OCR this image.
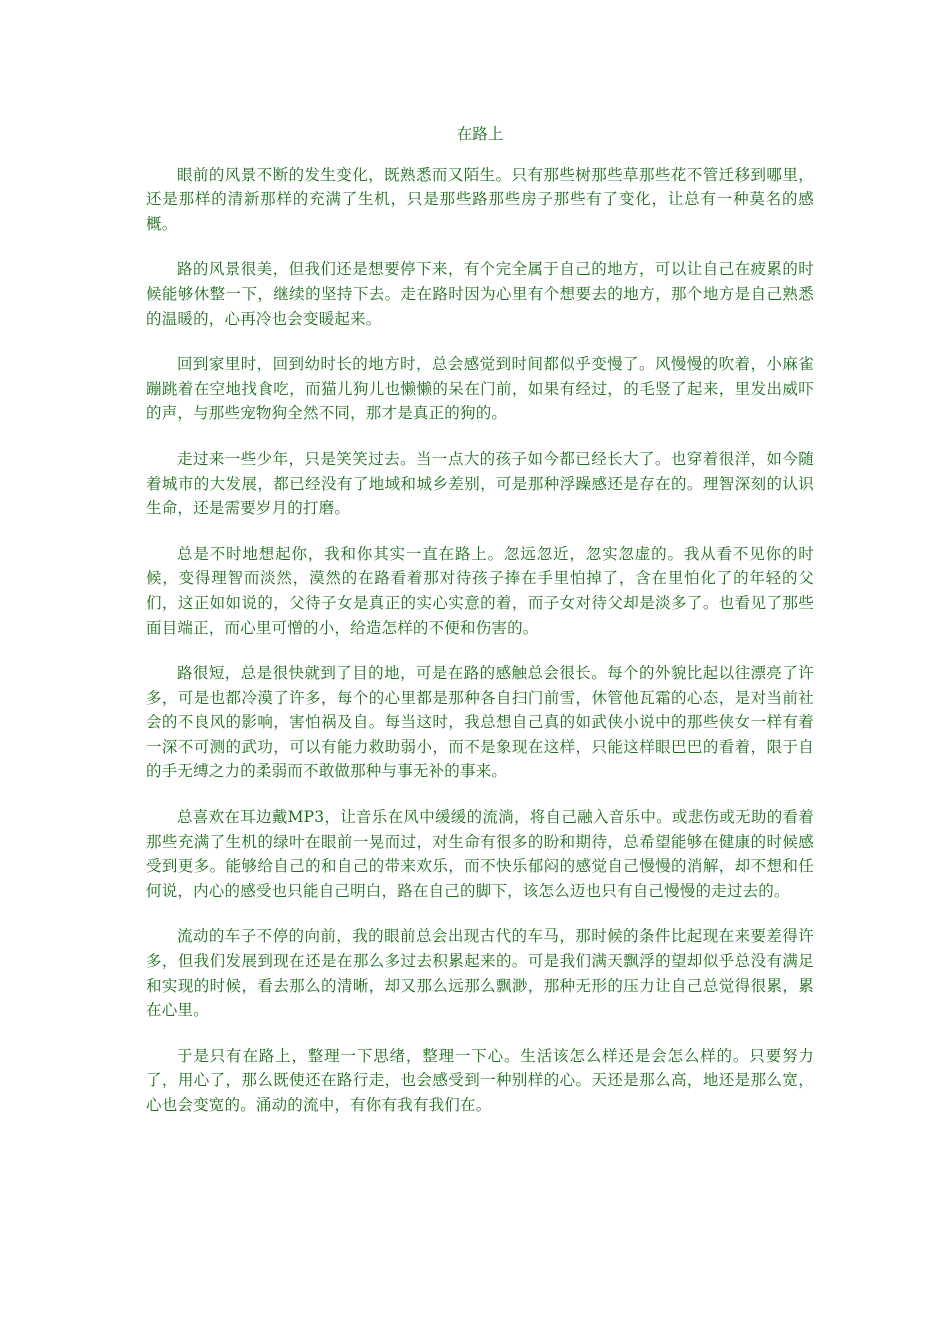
在路上

眼前的风景不断的发生变化，既熟悉而又陌生。只有那些树那些草那些花不管迁移到哪里，还是那样的清新那样的充满了生机，只是那些路那些房子那些有了变化，让总有一种莫名的感概。

路的风景很美，但我们还是想要停下来，有个完全属于自己的地方，可以让自己在疲累的时候能够休整一下，继续的坚持下去。走在路时因为心里有个想要去的地方，那个地方是自己熟悉的温暖的，心再冷也会变暖起来。

回到家里时，回到幼时长的地方时，总会感觉到时间都似乎变慢了。风慢慢的吹着，小麻雀蹦跳着在空地找食吃，而猫儿狗儿也懒懒的呆在门前，如果有经过，的毛竖了起来，里发出威吓的声，与那些宠物狗全然不同，那才是真正的狗的。

走过来一些少年，只是笑笑过去。当一点大的孩子如今都已经长大了。也穿着很洋，如今随着城市的大发展，都已经没有了地域和城乡差别，可是那种浮躁感还是存在的。理智深刻的认识生命，还是需要岁月的打磨。

总是不时地想起你，我和你其实一直在路上。忽远忽近，忽实忽虚的。我从看不见你的时候，变得理智而淡然，漠然的在路看着那对待孩子捧在手里怕掉了，含在里怕化了的年轻的父们，这正如如说的，父待子女是真正的实心实意的着，而子女对待父却是淡多了。也看见了那些面目端正，而心里可憎的小，给造怎样的不便和伤害的。

路很短，总是很快就到了目的地，可是在路的感触总会很长。每个的外貌比起以往漂亮了许多，可是也都冷漠了许多，每个的心里都是那种各自扫门前雪，休管他瓦霜的心态，是对当前社会的不良风的影响，害怕祸及自。每当这时，我总想自己真的如武侠小说中的那些侠女一样有着一深不可测的武功，可以有能力救助弱小，而不是象现在这样，只能这样眼巴巴的看着，限于自的手无缚之力的柔弱而不敢做那种与事无补的事来。

总喜欢在耳边戴MP3，让音乐在风中缓缓的流淌，将自己融入音乐中。或悲伤或无助的看着那些充满了生机的绿叶在眼前一晃而过，对生命有很多的盼和期待，总希望能够在健康的时候感受到更多。能够给自己的和自己的带来欢乐，而不快乐郁闷的感觉自己慢慢的消解，却不想和任何说，内心的感受也只能自己明白，路在自己的脚下，该怎么迈也只有自己慢慢的走过去的。

流动的车子不停的向前，我的眼前总会出现古代的车马，那时候的条件比起现在来要差得许多，但我们发展到现在还是在那么多过去积累起来的。可是我们满天飘浮的望却似乎总没有满足和实现的时候，看去那么的清晰，却又那么远那么飘渺，那种无形的压力让自己总觉得很累，累在心里。

于是只有在路上，整理一下思绪，整理一下心。生活该怎么样还是会怎么样的。只要努力了，用心了，那么既使还在路行走，也会感受到一种别样的心。天还是那么高，地还是那么宽，心也会变宽的。涌动的流中，有你有我有我们在。
